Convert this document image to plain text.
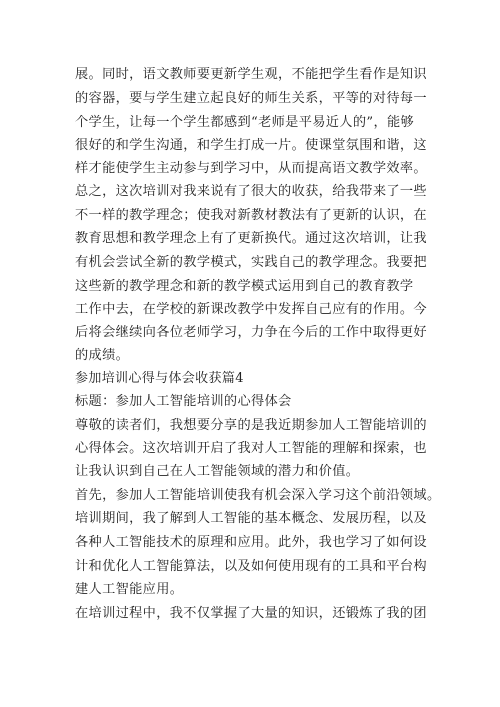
展。同时，语文教师要更新学生观，不能把学生看作是知识
的容器，要与学生建立起良好的师生关系，平等的对待每一
个学生，让每一个学生都感到“老师是平易近人的”，能够
很好的和学生沟通，和学生打成一片。使课堂氛围和谐，这
样才能使学生主动参与到学习中，从而提高语文教学效率。
总之，这次培训对我来说有了很大的收获，给我带来了一些
不一样的教学理念；使我对新教材教法有了更新的认识，在
教育思想和教学理念上有了更新换代。通过这次培训，让我
有机会尝试全新的教学模式，实践自己的教学理念。我要把
这些新的教学理念和新的教学模式运用到自己的教育教学
工作中去，在学校的新课改教学中发挥自己应有的作用。今
后将会继续向各位老师学习，力争在今后的工作中取得更好
的成绩。
参加培训心得与体会收获篇4
标题：参加人工智能培训的心得体会
尊敬的读者们，我想要分享的是我近期参加人工智能培训的
心得体会。这次培训开启了我对人工智能的理解和探索，也
让我认识到自己在人工智能领域的潜力和价值。
首先，参加人工智能培训使我有机会深入学习这个前沿领域。
培训期间，我了解到人工智能的基本概念、发展历程，以及
各种人工智能技术的原理和应用。此外，我也学习了如何设
计和优化人工智能算法，以及如何使用现有的工具和平台构
建人工智能应用。
在培训过程中，我不仅掌握了大量的知识，还锻炼了我的团
